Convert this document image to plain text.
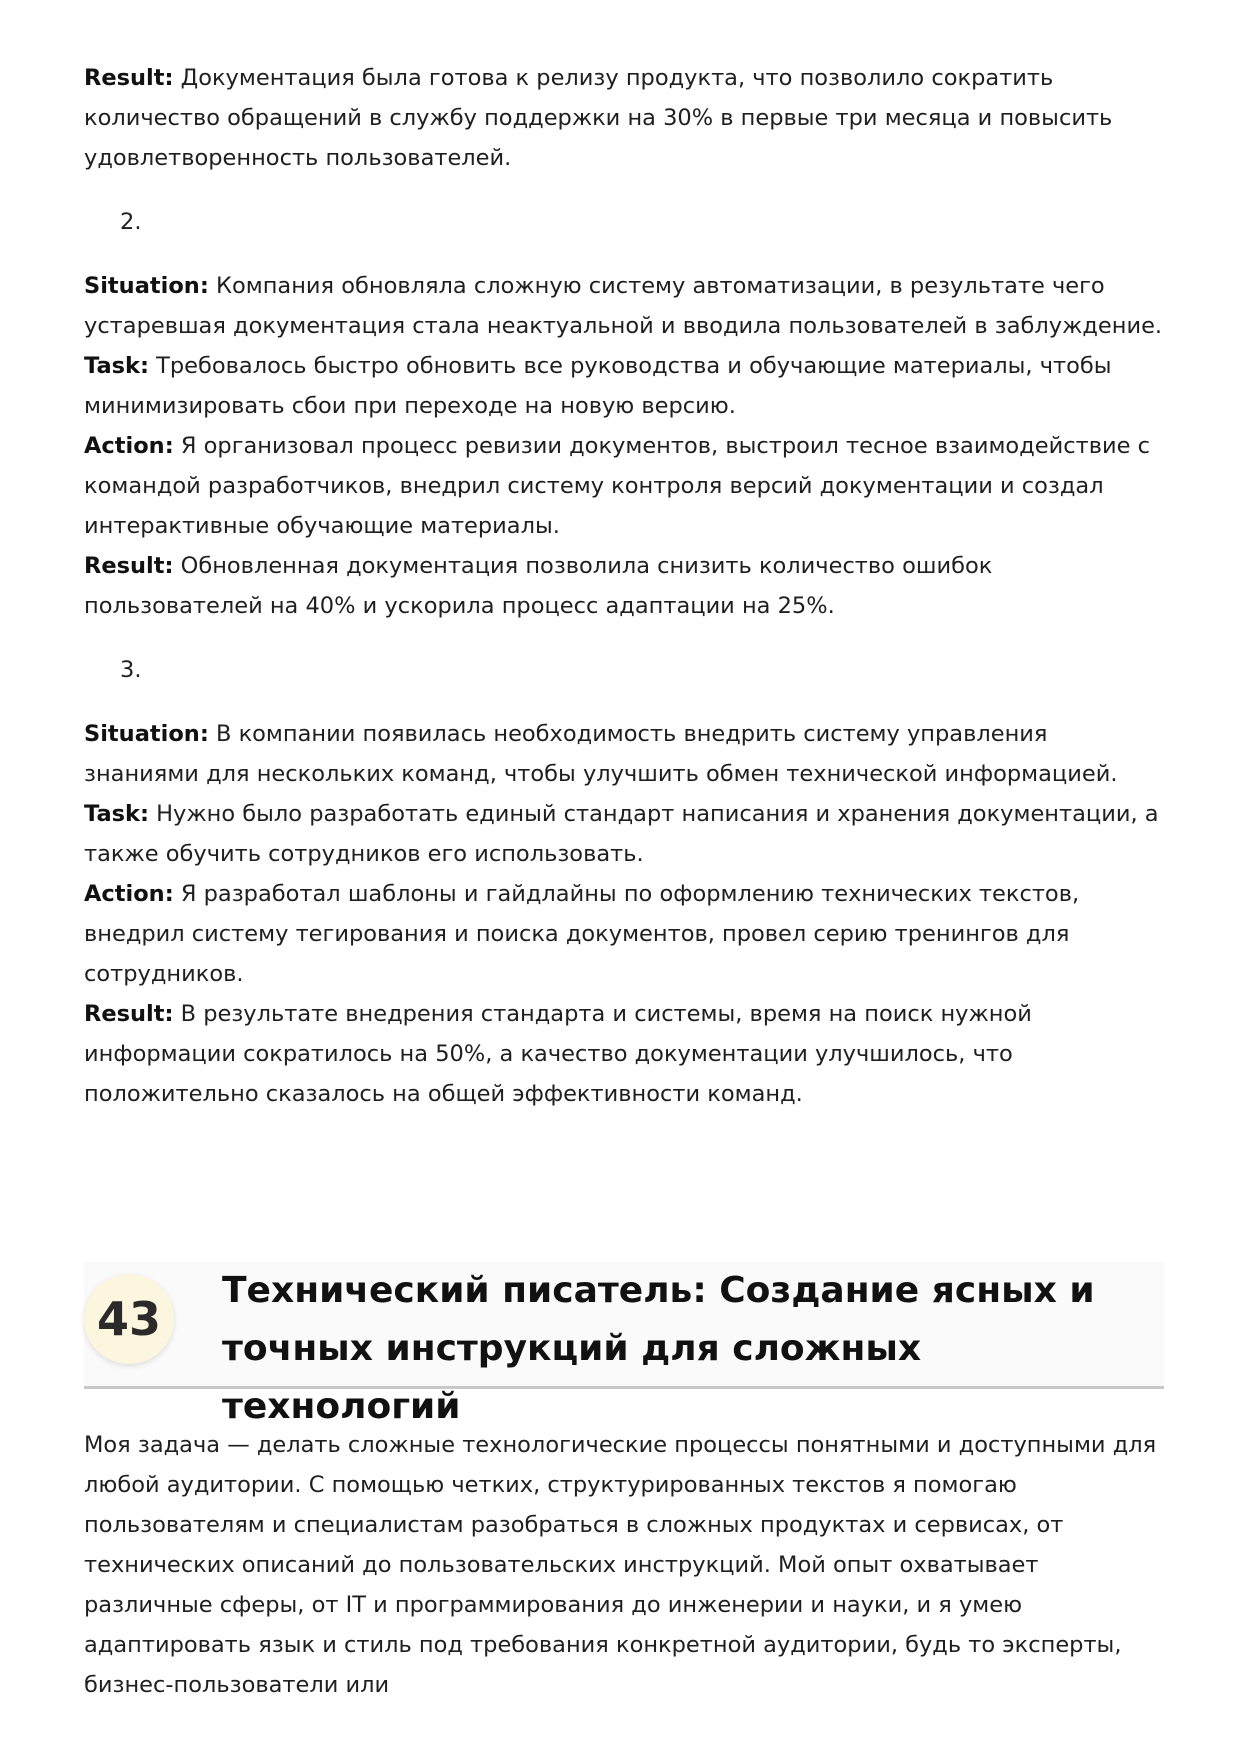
Result: Документация была готова к релизу продукта, что позволило сократить количество обращений в службу поддержки на 30% в первые три месяца и повысить удовлетворенность пользователей.

2.

Situation: Компания обновляла сложную систему автоматизации, в результате чего устаревшая документация стала неактуальной и вводила пользователей в заблуждение.

Task: Требовалось быстро обновить все руководства и обучающие материалы, чтобы минимизировать сбои при переходе на новую версию.

Action: Я организовал процесс ревизии документов, выстроил тесное взаимодействие с командой разработчиков, внедрил систему контроля версий документации и создал интерактивные обучающие материалы.

Result: Обновленная документация позволила снизить количество ошибок пользователей на 40% и ускорила процесс адаптации на 25%.

3.

Situation: В компании появилась необходимость внедрить систему управления знаниями для нескольких команд, чтобы улучшить обмен технической информацией.

Task: Нужно было разработать единый стандарт написания и хранения документации, а также обучить сотрудников его использовать.

Action: Я разработал шаблоны и гайдлайны по оформлению технических текстов, внедрил систему тегирования и поиска документов, провел серию тренингов для сотрудников.

Result: В результате внедрения стандарта и системы, время на поиск нужной информации сократилось на 50%, а качество документации улучшилось, что положительно сказалось на общей эффективности команд.

43
Технический писатель: Создание ясных и точных инструкций для сложных технологий

Моя задача — делать сложные технологические процессы понятными и доступными для любой аудитории. С помощью четких, структурированных текстов я помогаю пользователям и специалистам разобраться в сложных продуктах и сервисах, от технических описаний до пользовательских инструкций. Мой опыт охватывает различные сферы, от IT и программирования до инженерии и науки, и я умею адаптировать язык и стиль под требования конкретной аудитории, будь то эксперты, бизнес-пользователи или
